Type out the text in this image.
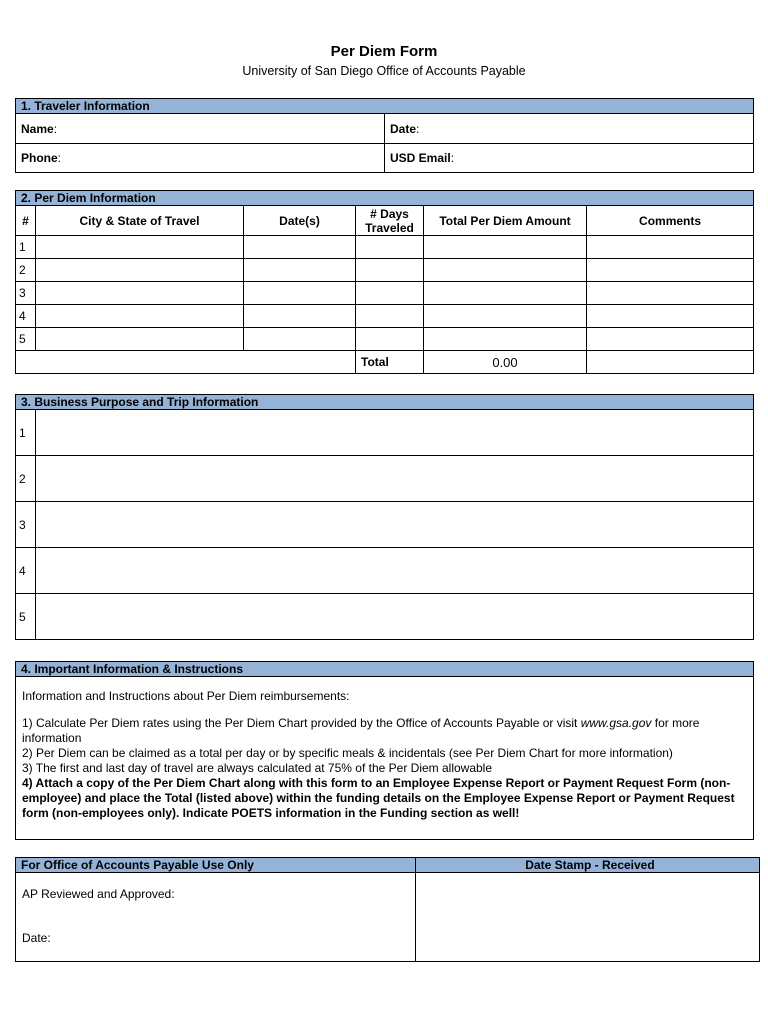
Per Diem Form
University of San Diego Office of Accounts Payable
1. Traveler Information	
Name:	Date:
Phone:	USD Email:
2. Per Diem Information					
#	City & State of Travel	Date(s)	# Days Traveled	Total Per Diem Amount	Comments
1					
2					
3					
4					
5					
			Total	0.00	
3. Business Purpose and Trip Information	
1	
2	
3	
4	
5	
4. Important Information & Instructions

Information and Instructions about Per Diem reimbursements:
1) Calculate Per Diem rates using the Per Diem Chart provided by the Office of Accounts Payable or visit www.gsa.gov for more information
2) Per Diem can be claimed as a total per day or by specific meals & incidentals (see Per Diem Chart for more information)
3) The first and last day of travel are always calculated at 75% of the Per Diem allowable
4) Attach a copy of the Per Diem Chart along with this form to an Employee Expense Report or Payment Request Form (non-employee) and place the Total (listed above) within the funding details on the Employee Expense Report or Payment Request form (non-employees only). Indicate POETS information in the Funding section as well!
For Office of Accounts Payable Use Only	Date Stamp - Received

AP Reviewed and Approved:
Date:	
